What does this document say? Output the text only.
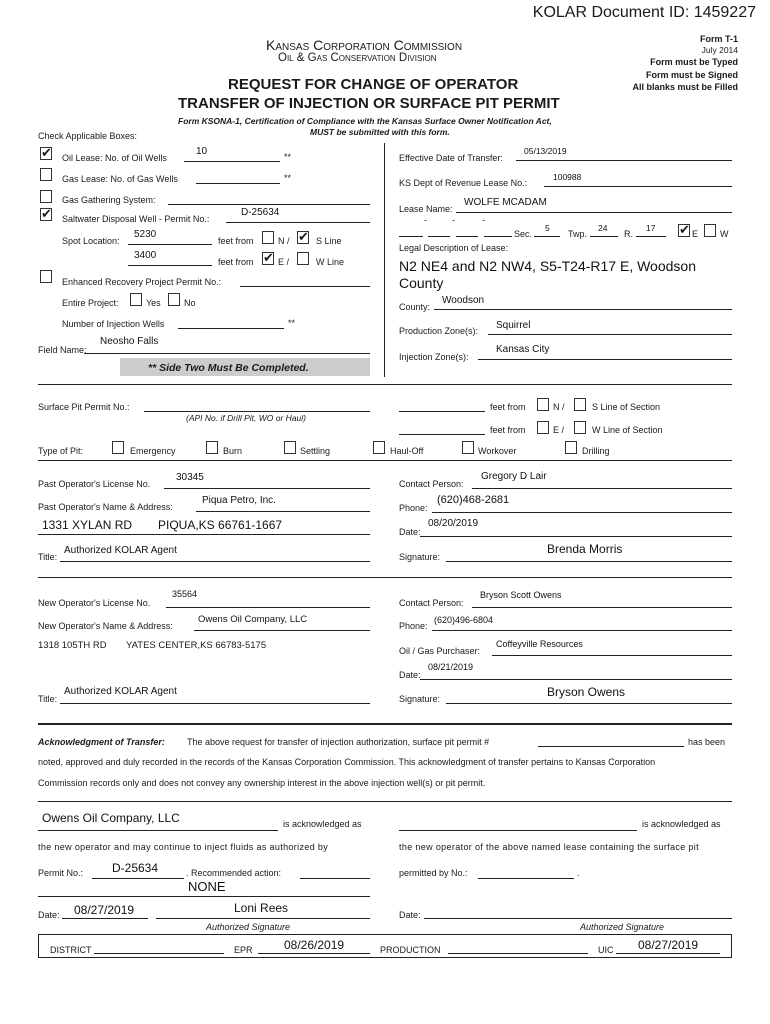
KOLAR Document ID: 1459227
Kansas Corporation Commission
Oil & Gas Conservation Division
Form T-1
July 2014
Form must be Typed
Form must be Signed
All blanks must be Filled
REQUEST FOR CHANGE OF OPERATOR
TRANSFER OF INJECTION OR SURFACE PIT PERMIT
Form KSONA-1, Certification of Compliance with the Kansas Surface Owner Notification Act,
MUST be submitted with this form.
Check Applicable Boxes:
✔ Oil Lease: No. of Oil Wells
10	**
Gas Lease: No. of Gas Wells	**
Gas Gathering System:
✔ Saltwater Disposal Well - Permit No.:
D-25634
Spot Location:
5230
feet from	N / ✔ S Line
3400
feet from ✔ E /	W Line
Enhanced Recovery Project Permit No.:
Entire Project:	Yes	No
Number of Injection Wells	**
Field Name:
Neosho Falls
** Side Two Must Be Completed.
Effective Date of Transfer:
05/13/2019
KS Dept of Revenue Lease No.:
100988
Lease Name:
WOLFE MCADAM
-	-	-
Sec.
5
Twp.
24
R.
17 ✔ E W
Legal Description of Lease:
N2 NE4 and N2 NW4, S5-T24-R17 E, Woodson
County
County:
Woodson
Production Zone(s): Squirrel
Injection Zone(s):
Kansas City
Surface Pit Permit No.:
(API No. if Drill Pit, WO or Haul)
feet from	N /	S Line of Section
feet from	E /	W Line of Section
Type of Pit:	Emergency	Burn	Settling	Haul-Off	Workover	Drilling
Past Operator's License No.
30345
Past Operator's Name & Address:
Piqua Petro, Inc.
1331 XYLAN RD PIQUA,KS 66761-1667
Title:
Authorized KOLAR Agent
Contact Person:
Gregory D Lair
Phone:
(620)468-2681
Date:
08/20/2019
Signature:
Brenda Morris
New Operator's License No.
35564
New Operator's Name & Address:
Owens Oil Company, LLC
1318 105TH RD YATES CENTER,KS 66783-5175
Title:
Authorized KOLAR Agent
Contact Person:
Bryson Scott Owens
Phone:
(620)496-6804
Oil / Gas Purchaser:
Coffeyville Resources
Date:
08/21/2019
Signature:	Bryson Owens
Acknowledgment of Transfer: The above request for transfer of injection authorization, surface pit permit #	has been
noted, approved and duly recorded in the records of the Kansas Corporation Commission. This acknowledgment of transfer pertains to Kansas Corporation
Commission records only and does not convey any ownership interest in the above injection well(s) or pit permit.
Owens Oil Company, LLC	is acknowledged as	is acknowledged as
the new operator and may continue to inject fluids as authorized by	the new operator of the above named lease containing the surface pit
Permit No.: D-25634	. Recommended action:
NONE
permitted by No.:	.
Date: 08/27/2019	Loni Rees
Authorized Signature
Date:
Authorized Signature
DISTRICT	EPR	08/26/2019	PRODUCTION	UIC 08/27/2019
